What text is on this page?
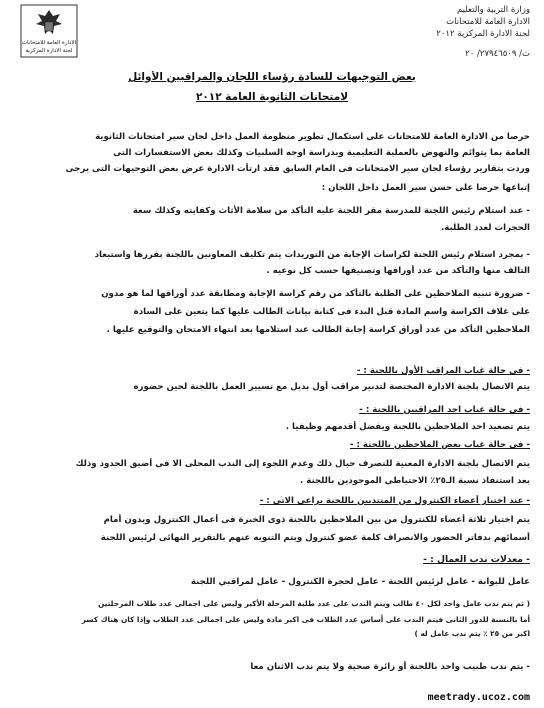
وزارة التربية والتعليم
الادارة العامة للامتحانات
لجنة الادارة المركزية ٢٠١٢
ت/ ٢٧٩٤٦٥٠٩/ ٢٠
الادارة العامة للامتحانات
لجنة الادارة المركزية
بعض التوجيهات للسادة رؤساء اللجان والمراقبين الأوائل
لامتحانات الثانوية العامة ٢٠١٢
حرصا من الادارة العامة للامتحانات على استكمال تطوير منظومة العمل داخل لجان سير امتحانات الثانوية
العامة بما يتوائم والنهوض بالعملية التعليمية وبدراسة اوجه السلبيات وكذلك بعض الاستفسارات التى
وردت بتقارير رؤساء لجان سير الامتحانات فى العام السابق فقد ارتأت الادارة عرض بعض التوجيهات التى يرجى
إتباعها حرصا على حسن سير العمل داخل اللجان :
- عند استلام رئيس اللجنة للمدرسة مقر اللجنة عليه التأكد من سلامة الأثاث وكفايته وكذلك سعة
الحجرات لعدد الطلبة.
- بمجرد استلام رئيس اللجنة لكراسات الإجابة من التوريدات يتم تكليف المعاونين باللجنة بفرزها واستبعاد
التالف منها والتأكد من عدد أوراقها وتصنيفها حسب كل نوعيه .
- ضرورة تنبيه الملاحظين على الطلبة بالتأكد من رقم كراسة الإجابة ومطابقة عدد أوراقها لما هو مدون
على غلاف الكراسة واسم المادة قبل البدء فى كتابة بيانات الطالب عليها كما يتعين على السادة
الملاحظين التأكد من عدد أوراق كراسة إجابة الطالب عند استلامها بعد انتهاء الامتحان والتوقيع عليها .
- فى حالة غياب المراقب الأول باللجنة : -
يتم الاتصال بلجنة الادارة المختصة لتدبير مراقب أول بديل مع تسيير العمل باللجنة لحين حضوره
- فى حالة غياب احد المراقبين باللجنة : -
يتم تصعيد احد الملاحظين باللجنة ويفضل أقدمهم وظيفيا .
- فى حالة غياب بعض الملاحظين باللجنة : -
يتم الاتصال بلجنة الادارة المعنية للتصرف حيال ذلك وعدم اللجوء إلى الندب المحلى الا فى أضيق الحدود وذلك
بعد استنفاذ نسبة الـ٢٥٪ الاحتياطى الموجودين باللجنة .
- عند اختيار أعضاء الكنترول من المنتدبين باللجنة يراعى الاتى : -
يتم اختيار ثلاثة أعضاء للكنترول من بين الملاحظين باللجنة ذوى الخبرة فى أعمال الكنترول ويدون أمام
أسمائهم بدفاتر الحضور والانصراف كلمة عضو كنترول ويتم التنويه عنهم بالتقرير النهائى لرئيس اللجنة
- معدلات ندب العمال : -
عامل للبوابة - عامل لرئيس اللجنة - عامل لحجرة الكنترول - عامل لمراقبي اللجنة
( ثم يتم ندب عامل واحد لكل ٤٠ طالب ويتم الندب على عدد طلبة المرحلة الأكبر وليس على اجمالى عدد طلاب المرحلتين
أما بالنسبة للدور الثانى فيتم الندب على أساس عدد الطلاب فى اكبر مادة وليس على اجمالى عدد الطلاب وإذا كان هناك كسر
اكبر من ٢٥ ٪ يتم ندب عامل له )
- يتم ندب طبيب واحد باللجنة أو زائرة صحية ولا يتم ندب الاثنان معا
meetrady.ucoz.com
